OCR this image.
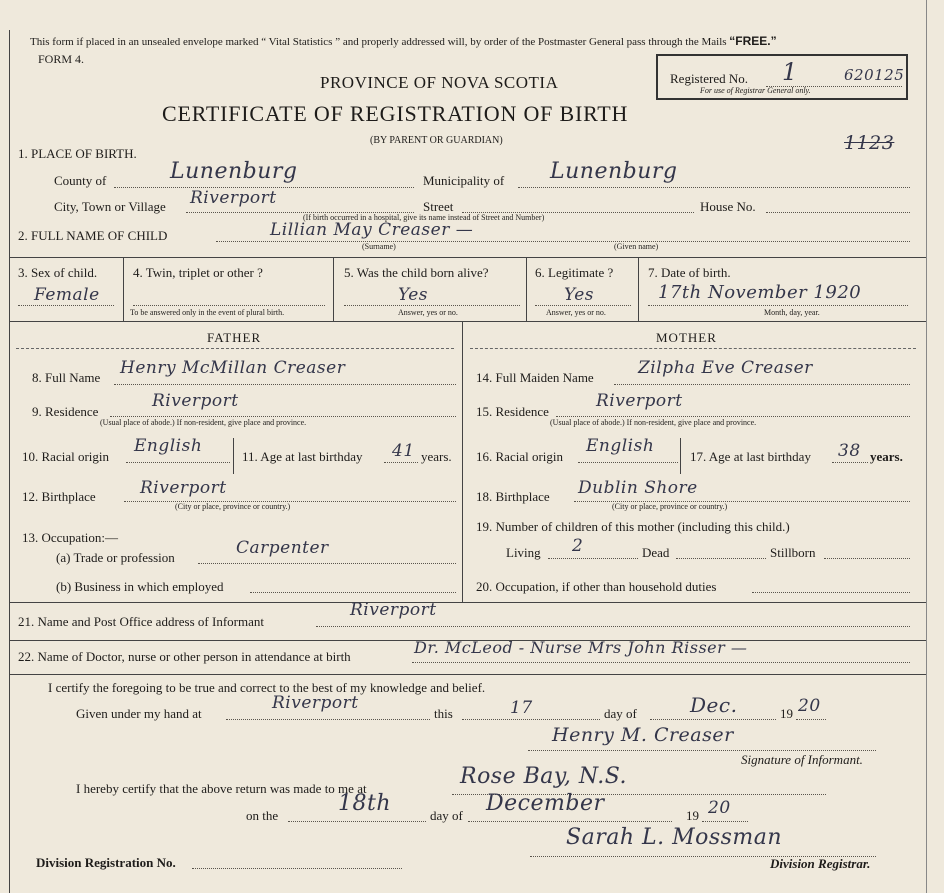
This form if placed in an unsealed envelope marked “ Vital Statistics ” and properly addressed will, by order of the Postmaster General pass through the Mails “FREE.”
FORM 4.
Registered No. 1	620125
For use of Registrar General only.
PROVINCE OF NOVA SCOTIA
CERTIFICATE OF REGISTRATION OF BIRTH
(BY PARENT OR GUARDIAN)	1123
1. PLACE OF BIRTH.
County of	Lunenburg	Municipality of Lunenburg
City, Town or Village Riverport	Street	House No.
(If birth occurred in a hospital, give its name instead of Street and Number)
2. FULL NAME OF CHILD	Lillian May Creaser —
(Surname)	(Given name)
3. Sex of child.
Female
4. Twin, triplet or other ?
To be answered only in the event of plural birth.
5. Was the child born alive?
Yes
Answer, yes or no.
6. Legitimate ?
Yes
Answer, yes or no.
7. Date of birth.
17th November 1920
Month, day, year.
FATHER	MOTHER
8. Full Name Henry McMillan Creaser
9. Residence
Riverport
(Usual place of abode.) If non-resident, give place and province.
10. Racial origin
English
11. Age at last birthday 41 years.
12. Birthplace	Riverport
(City or place, province or country.)
13. Occupation:—
(a) Trade or profession	Carpenter
(b) Business in which employed
14. Full Maiden Name	Zilpha Eve Creaser
15. Residence
Riverport
(Usual place of abode.) If non-resident, give place and province.
16. Racial origin
English
17. Age at last birthday 38 years.
18. Birthplace Dublin Shore
(City or place, province or country.)
19. Number of children of this mother (including this child.)
Living 2	Dead	Stillborn
20. Occupation, if other than household duties
21. Name and Post Office address of Informant
Riverport
22. Name of Doctor, nurse or other person in attendance at birth	Dr. McLeod - Nurse Mrs John Risser —
I certify the foregoing to be true and correct to the best of my knowledge and belief.
Given under my hand at
Riverport
this	17	day of	Dec.	19 20
Henry M. Creaser
Signature of Informant.
I hereby certify that the above return was made to me at	Rose Bay, N.S.
on the	18th	day of December	19 20
Division Registration No.
Sarah L. Mossman
Division Registrar.
